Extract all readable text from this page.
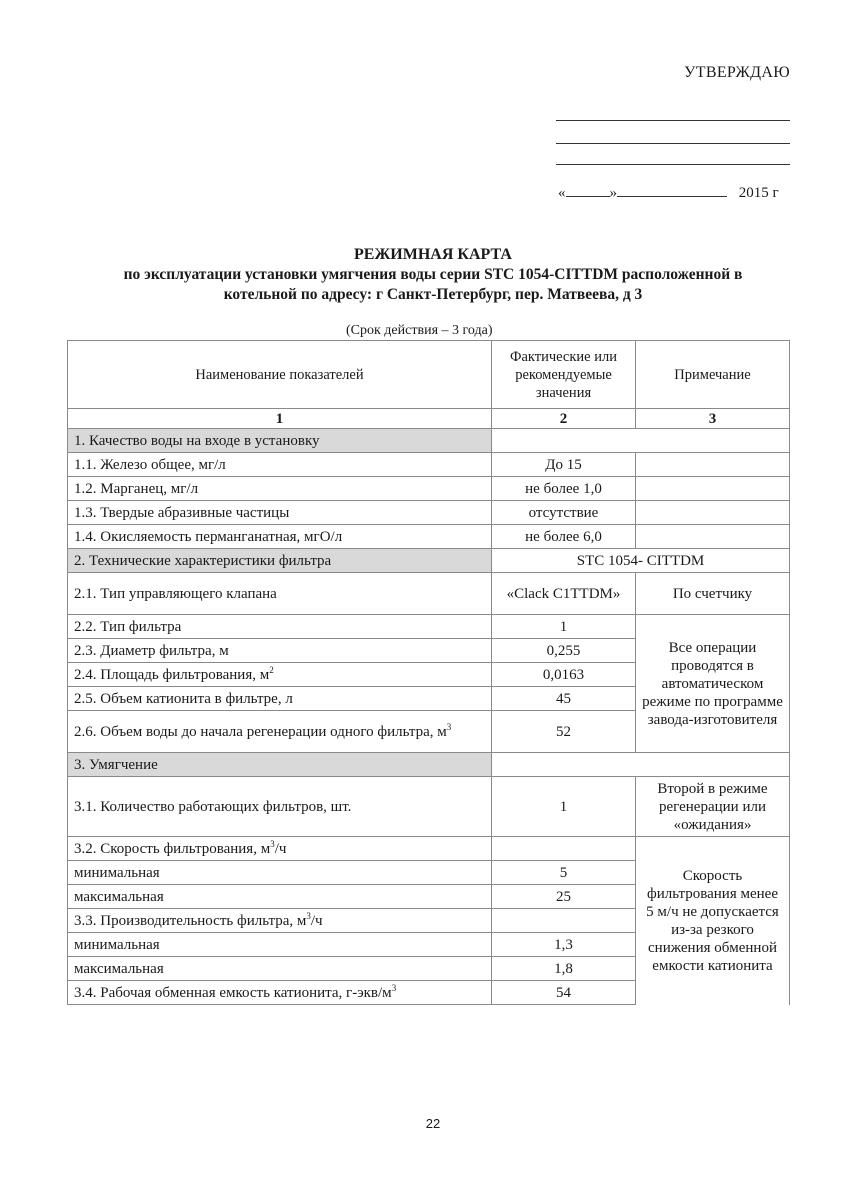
УТВЕРЖДАЮ
«	»	2015 г
РЕЖИМНАЯ КАРТА
по эксплуатации установки умягчения воды серии STC 1054-CITTDM расположенной в
котельной по адресу: г Санкт-Петербург, пер. Матвеева, д 3
(Срок действия – 3 года)
Наименование показателей	Фактические или рекомендуемые значения	Примечание
1	2	3
1. Качество воды на входе в установку		
1.1. Железо общее, мг/л	До 15	
1.2. Марганец, мг/л	не более 1,0	
1.3. Твердые абразивные частицы	отсутствие	
1.4. Окисляемость перманганатная, мгО/л	не более 6,0	
2. Технические характеристики фильтра	STC 1054- CITTDM	
2.1. Тип управляющего клапана	«Clack C1TTDM»	По счетчику
2.2. Тип фильтра	1	Все операции проводятся в автоматическом режиме по программе завода-изготовителя
2.3. Диаметр фильтра, м	0,255	
2.4. Площадь фильтрования, $м^2$	0,0163	
2.5. Объем катионита в фильтре, л	45	
2.6. Объем воды до начала регенерации одного фильтра, $м^3$	52	
3. Умягчение		
3.1. Количество работающих фильтров, шт.	1	Второй в режиме регенерации или «ожидания»
3.2. Скорость фильтрования, $м^3/ч$		Скорость фильтрования менее 5 м/ч не допускается из-за резкого снижения обменной емкости катионита
минимальная	5	
максимальная	25	
3.3. Производительность фильтра, $м^3/ч$		
минимальная	1,3	
максимальная	1,8	
3.4. Рабочая обменная емкость катионита, $г-экв/м^3$	54	
22
